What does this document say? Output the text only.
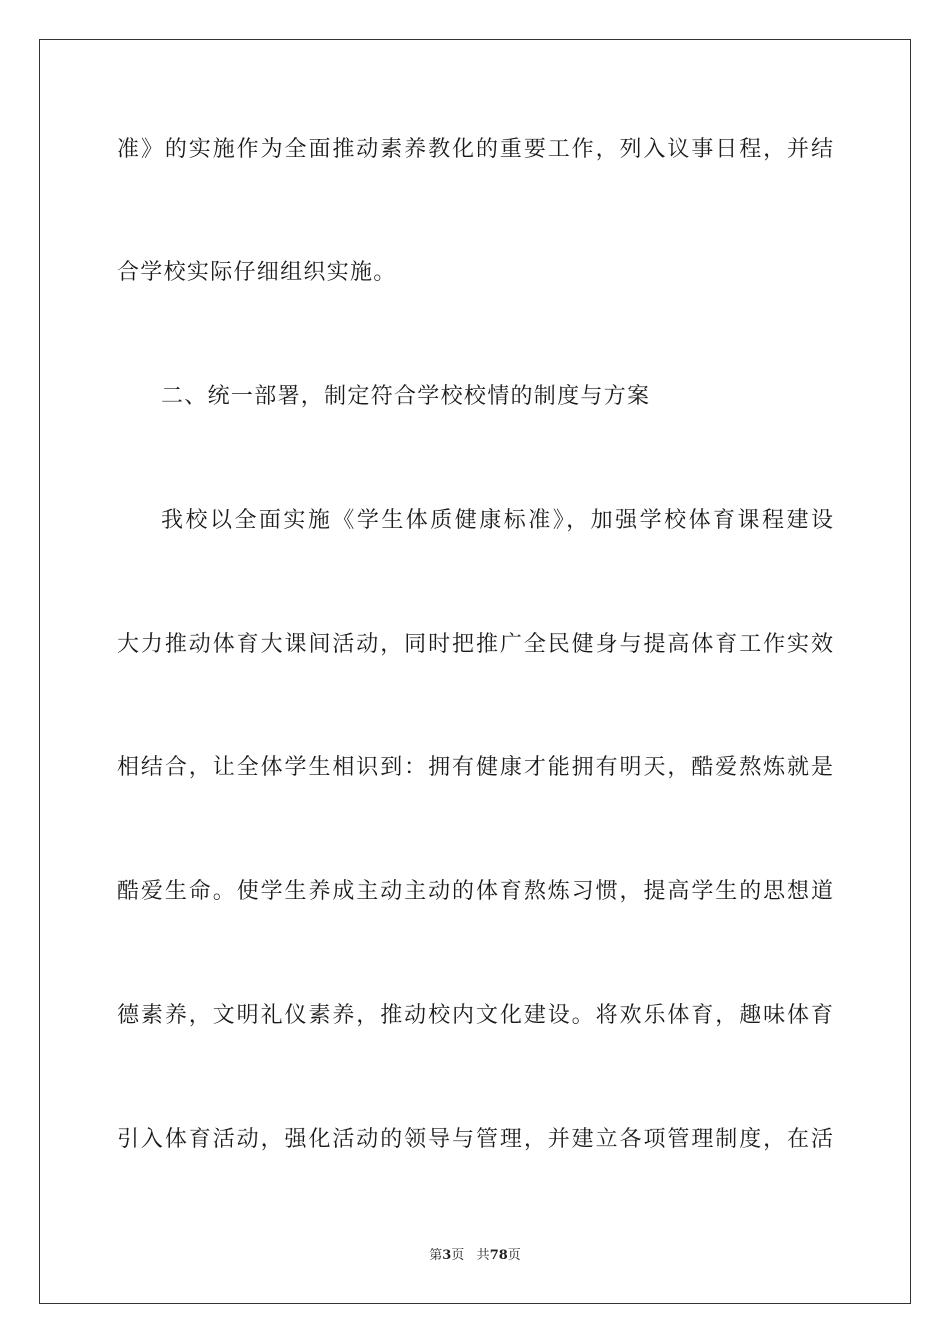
准》的实施作为全面推动素养教化的重要工作，列入议事日程，并结
合学校实际仔细组织实施。
二、统一部署，制定符合学校校情的制度与方案
我校以全面实施《学生体质健康标准》，加强学校体育课程建设
大力推动体育大课间活动，同时把推广全民健身与提高体育工作实效
相结合，让全体学生相识到：拥有健康才能拥有明天，酷爱熬炼就是
酷爱生命。使学生养成主动主动的体育熬炼习惯，提高学生的思想道
德素养，文明礼仪素养，推动校内文化建设。将欢乐体育，趣味体育
引入体育活动，强化活动的领导与管理，并建立各项管理制度，在活
第3页 共78页
